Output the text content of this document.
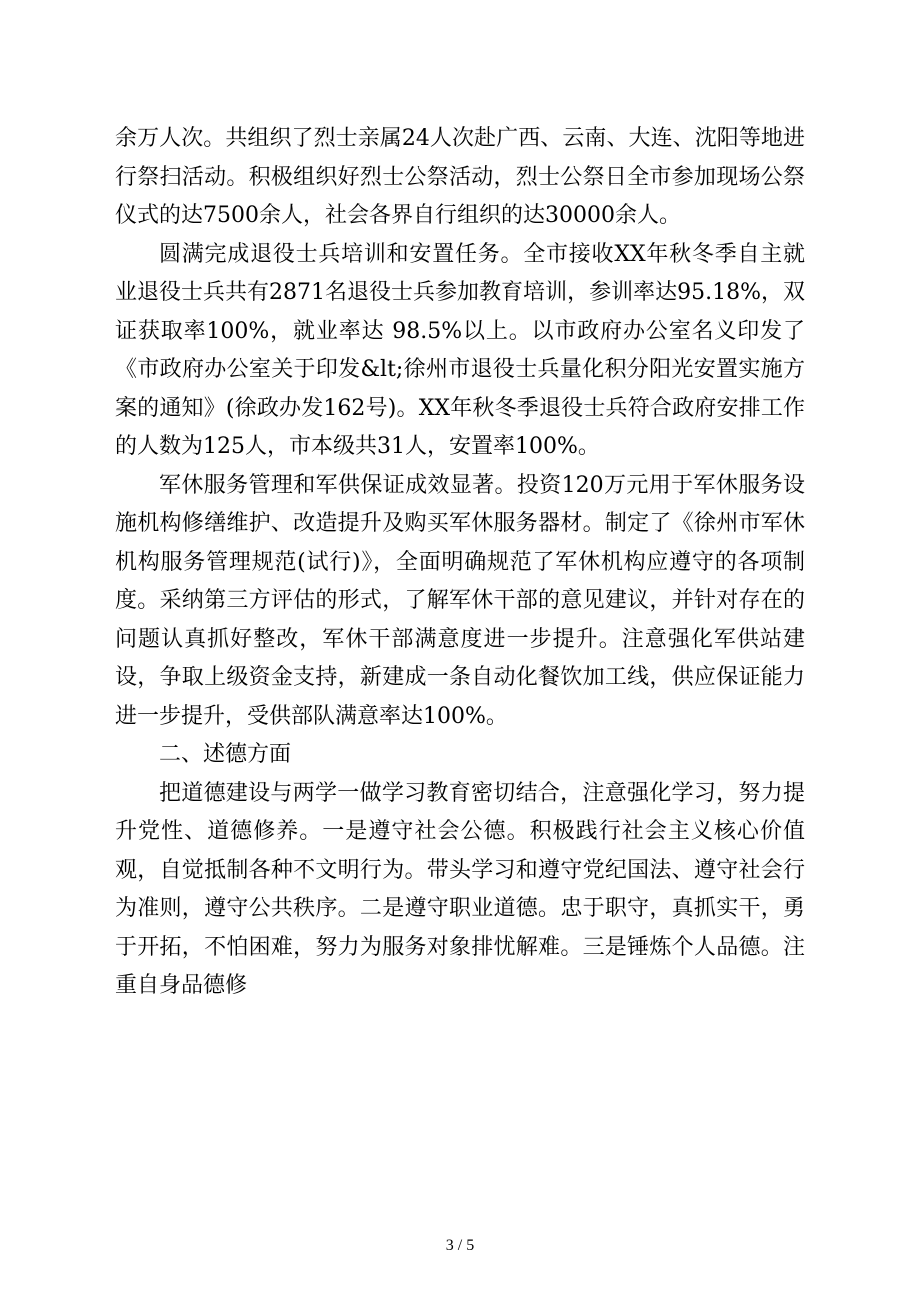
余万人次。共组织了烈士亲属24人次赴广西、云南、大连、沈阳等地进行祭扫活动。积极组织好烈士公祭活动，烈士公祭日全市参加现场公祭仪式的达7500余人，社会各界自行组织的达30000余人。

圆满完成退役士兵培训和安置任务。全市接收XX年秋冬季自主就业退役士兵共有2871名退役士兵参加教育培训，参训率达95.18%，双证获取率100%，就业率达 98.5%以上。以市政府办公室名义印发了《市政府办公室关于印发&lt;徐州市退役士兵量化积分阳光安置实施方案的通知》(徐政办发162号)。XX年秋冬季退役士兵符合政府安排工作的人数为125人，市本级共31人，安置率100%。

军休服务管理和军供保证成效显著。投资120万元用于军休服务设施机构修缮维护、改造提升及购买军休服务器材。制定了《徐州市军休机构服务管理规范(试行)》，全面明确规范了军休机构应遵守的各项制度。采纳第三方评估的形式，了解军休干部的意见建议，并针对存在的问题认真抓好整改，军休干部满意度进一步提升。注意强化军供站建设，争取上级资金支持，新建成一条自动化餐饮加工线，供应保证能力进一步提升，受供部队满意率达100%。

二、述德方面

把道德建设与两学一做学习教育密切结合，注意强化学习，努力提升党性、道德修养。一是遵守社会公德。积极践行社会主义核心价值观，自觉抵制各种不文明行为。带头学习和遵守党纪国法、遵守社会行为准则，遵守公共秩序。二是遵守职业道德。忠于职守，真抓实干，勇于开拓，不怕困难，努力为服务对象排忧解难。三是锤炼个人品德。注重自身品德修

3 / 5
